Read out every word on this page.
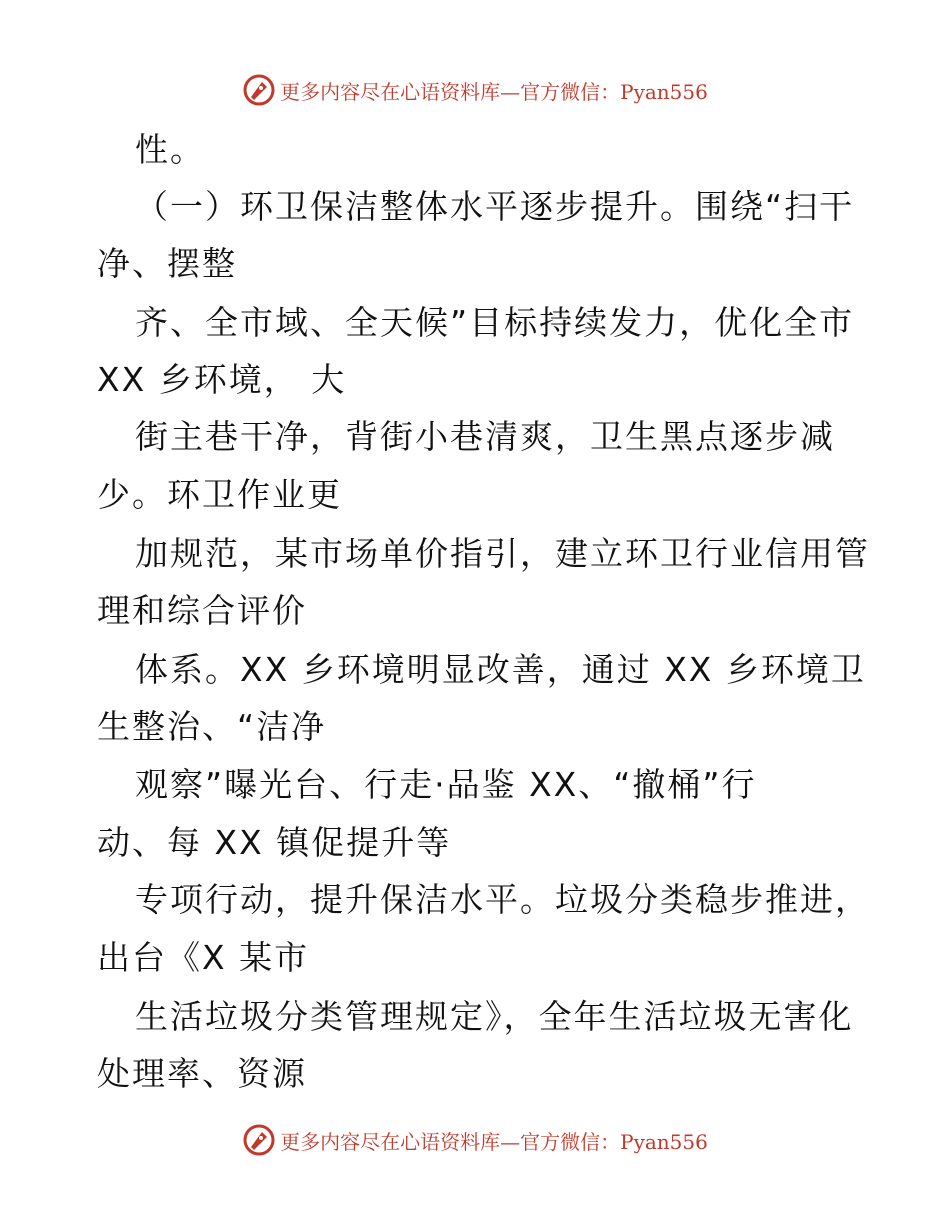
更多内容尽在心语资料库—官方微信：Pyan556
性。
（一）环卫保洁整体水平逐步提升。围绕“扫干
净、摆整
齐、全市域、全天候”目标持续发力，优化全市
XX 乡环境， 大
街主巷干净，背街小巷清爽，卫生黑点逐步减
少。环卫作业更
加规范，某市场单价指引，建立环卫行业信用管
理和综合评价
体系。XX 乡环境明显改善，通过 XX 乡环境卫
生整治、“洁净
观察”曝光台、行走·品鉴 XX、“撤桶”行
动、每 XX 镇促提升等
专项行动，提升保洁水平。垃圾分类稳步推进，
出台《X 某市
生活垃圾分类管理规定》，全年生活垃圾无害化
处理率、资源
更多内容尽在心语资料库—官方微信：Pyan556
